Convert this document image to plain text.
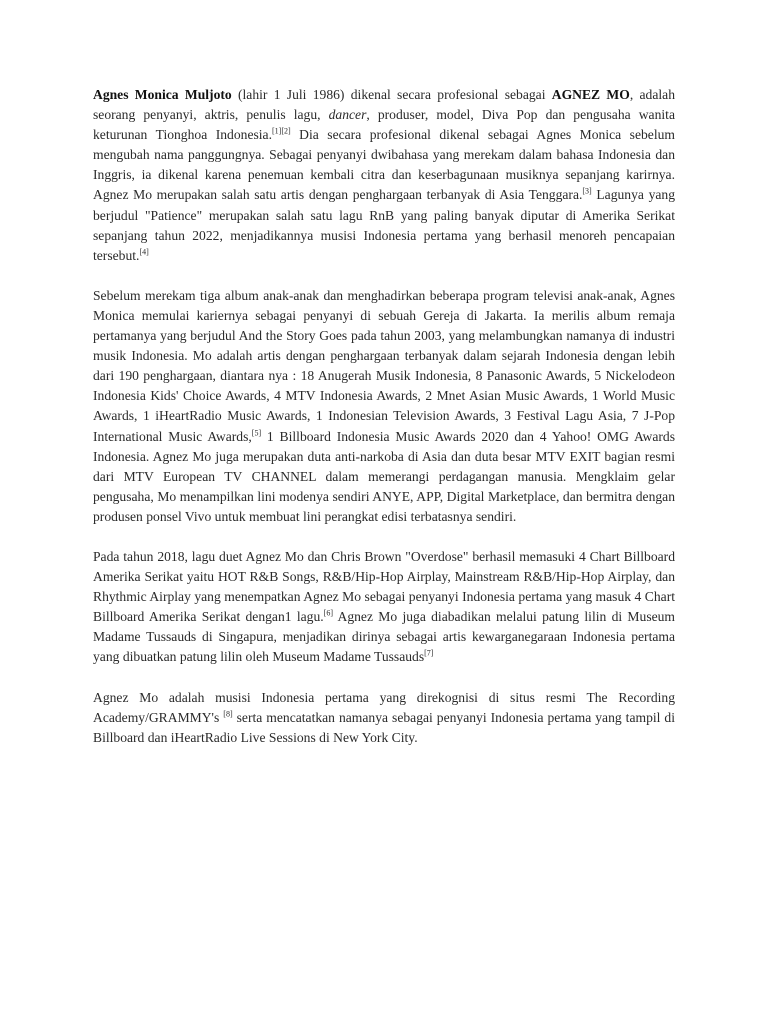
Agnes Monica Muljoto (lahir 1 Juli 1986) dikenal secara profesional sebagai AGNEZ MO, adalah seorang penyanyi, aktris, penulis lagu, dancer, produser, model, Diva Pop dan pengusaha wanita keturunan Tionghoa Indonesia.[1][2] Dia secara profesional dikenal sebagai Agnes Monica sebelum mengubah nama panggungnya. Sebagai penyanyi dwibahasa yang merekam dalam bahasa Indonesia dan Inggris, ia dikenal karena penemuan kembali citra dan keserbagunaan musiknya sepanjang karirnya. Agnez Mo merupakan salah satu artis dengan penghargaan terbanyak di Asia Tenggara.[3] Lagunya yang berjudul "Patience" merupakan salah satu lagu RnB yang paling banyak diputar di Amerika Serikat sepanjang tahun 2022, menjadikannya musisi Indonesia pertama yang berhasil menoreh pencapaian tersebut.[4]

Sebelum merekam tiga album anak-anak dan menghadirkan beberapa program televisi anak-anak, Agnes Monica memulai kariernya sebagai penyanyi di sebuah Gereja di Jakarta. Ia merilis album remaja pertamanya yang berjudul And the Story Goes pada tahun 2003, yang melambungkan namanya di industri musik Indonesia. Mo adalah artis dengan penghargaan terbanyak dalam sejarah Indonesia dengan lebih dari 190 penghargaan, diantara nya : 18 Anugerah Musik Indonesia, 8 Panasonic Awards, 5 Nickelodeon Indonesia Kids' Choice Awards, 4 MTV Indonesia Awards, 2 Mnet Asian Music Awards, 1 World Music Awards, 1 iHeartRadio Music Awards, 1 Indonesian Television Awards, 3 Festival Lagu Asia, 7 J-Pop International Music Awards,[5] 1 Billboard Indonesia Music Awards 2020 dan 4 Yahoo! OMG Awards Indonesia. Agnez Mo juga merupakan duta anti-narkoba di Asia dan duta besar MTV EXIT bagian resmi dari MTV European TV CHANNEL dalam memerangi perdagangan manusia. Mengklaim gelar pengusaha, Mo menampilkan lini modenya sendiri ANYE, APP, Digital Marketplace, dan bermitra dengan produsen ponsel Vivo untuk membuat lini perangkat edisi terbatasnya sendiri.

Pada tahun 2018, lagu duet Agnez Mo dan Chris Brown "Overdose" berhasil memasuki 4 Chart Billboard Amerika Serikat yaitu HOT R&B Songs, R&B/Hip-Hop Airplay, Mainstream R&B/Hip-Hop Airplay, dan Rhythmic Airplay yang menempatkan Agnez Mo sebagai penyanyi Indonesia pertama yang masuk 4 Chart Billboard Amerika Serikat dengan1 lagu.[6] Agnez Mo juga diabadikan melalui patung lilin di Museum Madame Tussauds di Singapura, menjadikan dirinya sebagai artis kewarganegaraan Indonesia pertama yang dibuatkan patung lilin oleh Museum Madame Tussauds[7]

Agnez Mo adalah musisi Indonesia pertama yang direkognisi di situs resmi The Recording Academy/GRAMMY's [8] serta mencatatkan namanya sebagai penyanyi Indonesia pertama yang tampil di Billboard dan iHeartRadio Live Sessions di New York City.
